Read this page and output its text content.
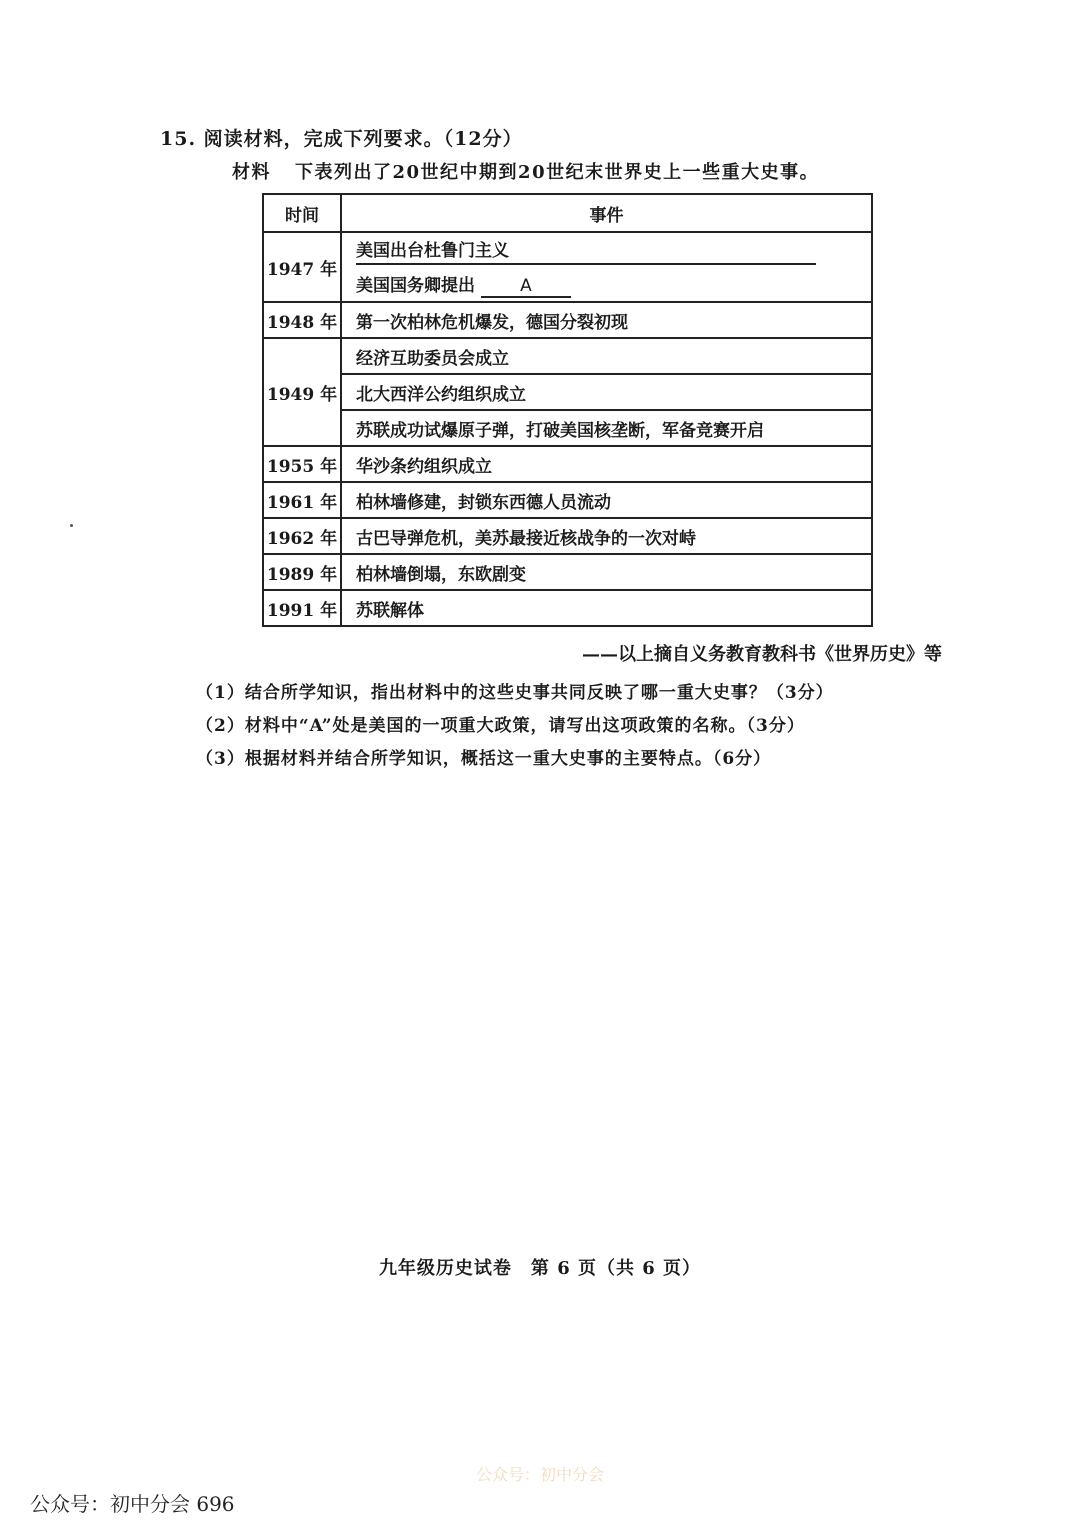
15. 阅读材料，完成下列要求。（12分）
材料 下表列出了20世纪中期到20世纪末世界史上一些重大史事。
时间	事件
1947 年	美国出台杜鲁门主义
	美国国务卿提出 A
1948 年	第一次柏林危机爆发，德国分裂初现
1949 年	经济互助委员会成立
	北大西洋公约组织成立
	苏联成功试爆原子弹，打破美国核垄断，军备竞赛开启
1955 年	华沙条约组织成立
1961 年	柏林墙修建，封锁东西德人员流动
1962 年	古巴导弹危机，美苏最接近核战争的一次对峙
1989 年	柏林墙倒塌，东欧剧变
1991 年	苏联解体
——以上摘自义务教育教科书《世界历史》等
（1）结合所学知识，指出材料中的这些史事共同反映了哪一重大史事？（3分）
（2）材料中“A”处是美国的一项重大政策，请写出这项政策的名称。（3分）
（3）根据材料并结合所学知识，概括这一重大史事的主要特点。（6分）
九年级历史试卷　第 6 页（共 6 页）
公众号：初中分会
公众号：初中分会 696
